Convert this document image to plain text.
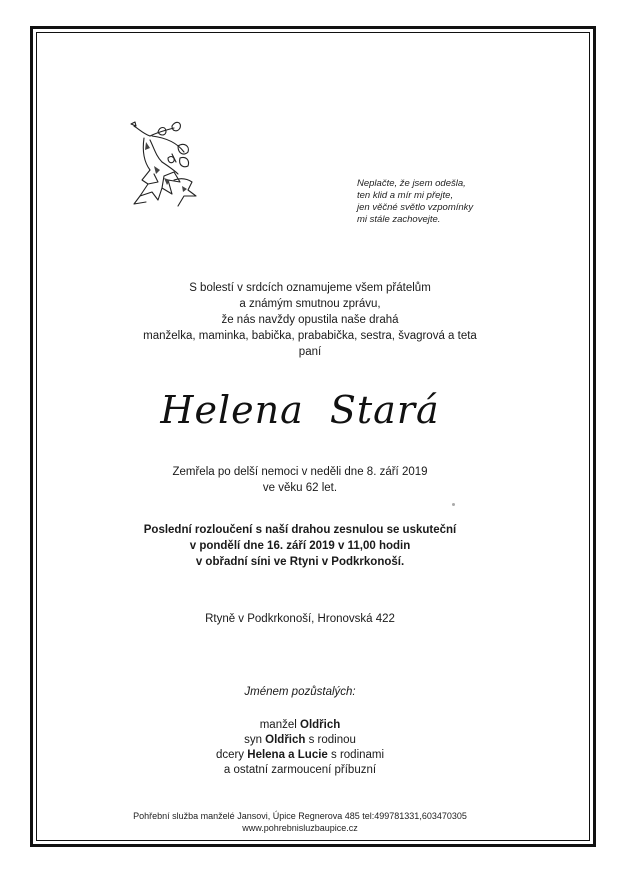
Neplačte, že jsem odešla,
ten klid a mír mi přejte,
jen věčné světlo vzpomínky
mi stále zachovejte.
S bolestí v srdcích oznamujeme všem přátelům
a známým smutnou zprávu,
že nás navždy opustila naše drahá
manželka, maminka, babička, prababička, sestra, švagrová a teta
paní
Helena  Stará
Zemřela po delší nemoci v neděli dne 8. září 2019
ve věku 62 let.
Poslední rozloučení s naší drahou zesnulou se uskuteční
v pondělí dne 16. září 2019 v 11,00 hodin
v obřadní síni ve Rtyni v Podkrkonoší.
Rtyně v Podkrkonoší, Hronovská 422
Jménem pozůstalých:
manžel Oldřich
syn Oldřich s rodinou
dcery Helena a Lucie s rodinami
a ostatní zarmoucení příbuzní
Pohřební služba manželé Jansovi, Úpice Regnerova 485 tel:499781331,603470305
www.pohrebnisluzbaupice.cz
